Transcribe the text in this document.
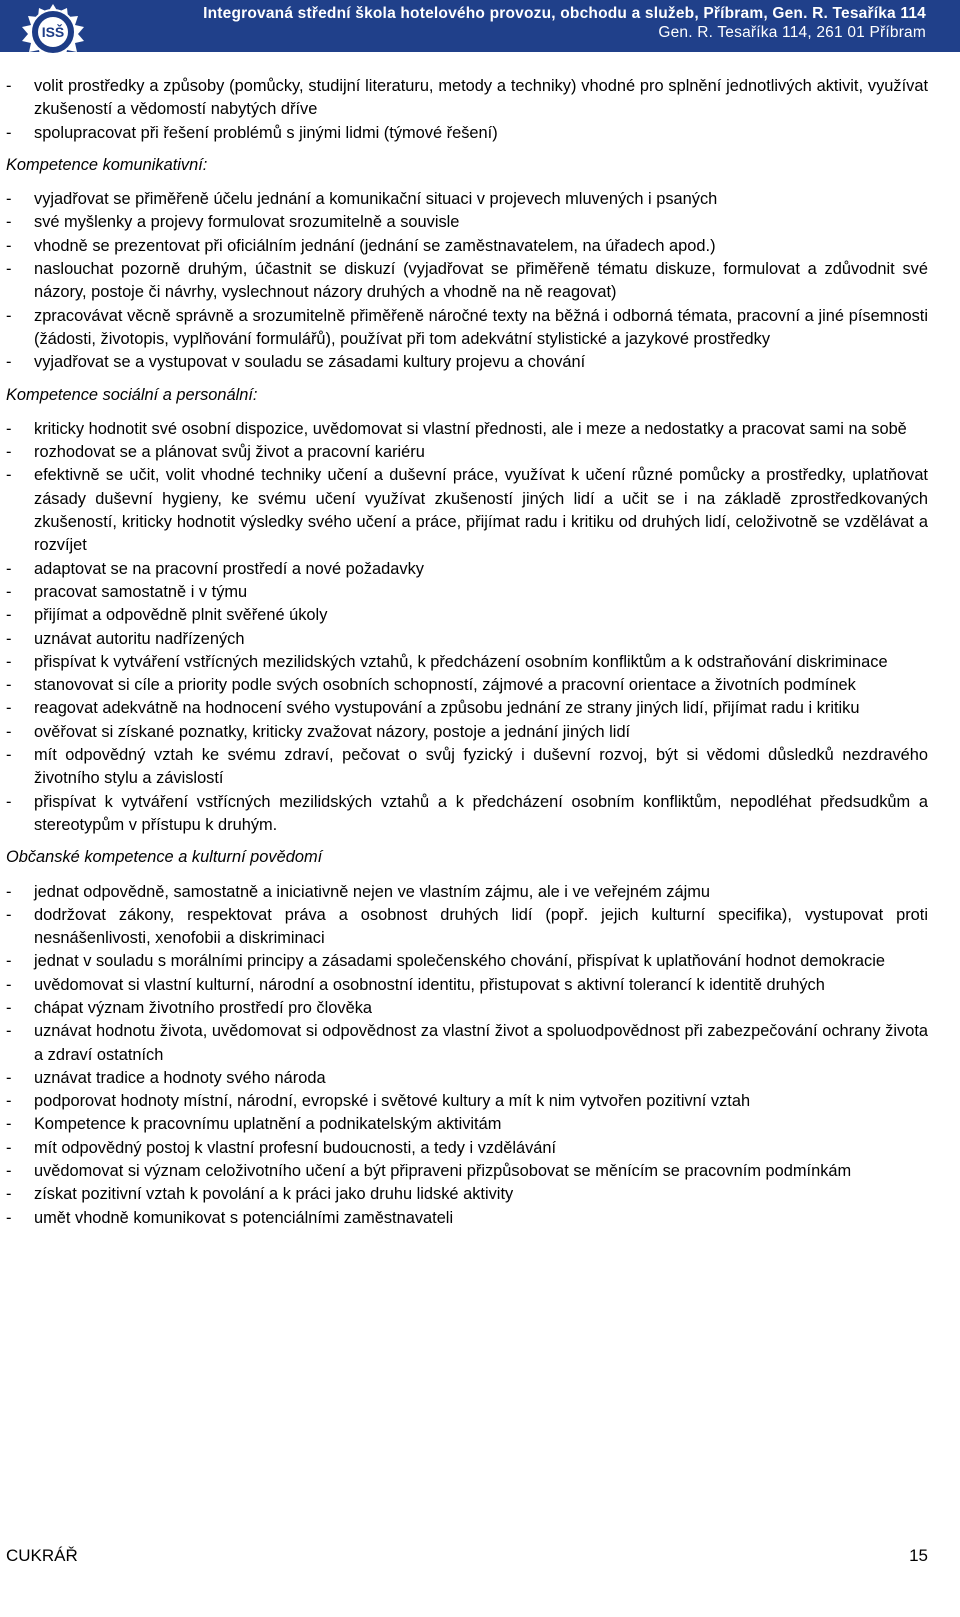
ISŠ
Integrovaná střední škola hotelového provozu, obchodu a služeb, Příbram, Gen. R. Tesaříka 114
Gen. R. Tesaříka 114, 261 01 Příbram
- volit prostředky a způsoby (pomůcky, studijní literaturu, metody a techniky) vhodné pro splnění jednotlivých aktivit, využívat zkušeností a vědomostí nabytých dříve
- spolupracovat při řešení problémů s jinými lidmi (týmové řešení)

Kompetence komunikativní:

- vyjadřovat se přiměřeně účelu jednání a komunikační situaci v projevech mluvených i psaných
- své myšlenky a projevy formulovat srozumitelně a souvisle
- vhodně se prezentovat při oficiálním jednání (jednání se zaměstnavatelem, na úřadech apod.)
- naslouchat pozorně druhým, účastnit se diskuzí (vyjadřovat se přiměřeně tématu diskuze, formulovat a zdůvodnit své názory, postoje či návrhy, vyslechnout názory druhých a vhodně na ně reagovat)
- zpracovávat věcně správně a srozumitelně přiměřeně náročné texty na běžná i odborná témata, pracovní a jiné písemnosti (žádosti, životopis, vyplňování formulářů), používat při tom adekvátní stylistické a jazykové prostředky
- vyjadřovat se a vystupovat v souladu se zásadami kultury projevu a chování

Kompetence sociální a personální:

- kriticky hodnotit své osobní dispozice, uvědomovat si vlastní přednosti, ale i meze a nedostatky a pracovat sami na sobě
- rozhodovat se a plánovat svůj život a pracovní kariéru
- efektivně se učit, volit vhodné techniky učení a duševní práce, využívat k učení různé pomůcky a prostředky, uplatňovat zásady duševní hygieny, ke svému učení využívat zkušeností jiných lidí a učit se i na základě zprostředkovaných zkušeností, kriticky hodnotit výsledky svého učení a práce, přijímat radu i kritiku od druhých lidí, celoživotně se vzdělávat a rozvíjet
- adaptovat se na pracovní prostředí a nové požadavky
- pracovat samostatně i v týmu
- přijímat a odpovědně plnit svěřené úkoly
- uznávat autoritu nadřízených
- přispívat k vytváření vstřícných mezilidských vztahů, k předcházení osobním konfliktům a k odstraňování diskriminace
- stanovovat si cíle a priority podle svých osobních schopností, zájmové a pracovní orientace a životních podmínek
- reagovat adekvátně na hodnocení svého vystupování a způsobu jednání ze strany jiných lidí, přijímat radu i kritiku
- ověřovat si získané poznatky, kriticky zvažovat názory, postoje a jednání jiných lidí
- mít odpovědný vztah ke svému zdraví, pečovat o svůj fyzický i duševní rozvoj, být si vědomi důsledků nezdravého životního stylu a závislostí
- přispívat k vytváření vstřícných mezilidských vztahů a k předcházení osobním konfliktům, nepodléhat předsudkům a stereotypům v přístupu k druhým.

Občanské kompetence a kulturní povědomí

- jednat odpovědně, samostatně a iniciativně nejen ve vlastním zájmu, ale i ve veřejném zájmu
- dodržovat zákony, respektovat práva a osobnost druhých lidí (popř. jejich kulturní specifika), vystupovat proti nesnášenlivosti, xenofobii a diskriminaci
- jednat v souladu s morálními principy a zásadami společenského chování, přispívat k uplatňování hodnot demokracie
- uvědomovat si vlastní kulturní, národní a osobnostní identitu, přistupovat s aktivní tolerancí k identitě druhých
- chápat význam životního prostředí pro člověka
- uznávat hodnotu života, uvědomovat si odpovědnost za vlastní život a spoluodpovědnost při zabezpečování ochrany života a zdraví ostatních
- uznávat tradice a hodnoty svého národa
- podporovat hodnoty místní, národní, evropské i světové kultury a mít k nim vytvořen pozitivní vztah
- Kompetence k pracovnímu uplatnění a podnikatelským aktivitám
- mít odpovědný postoj k vlastní profesní budoucnosti, a tedy i vzdělávání
- uvědomovat si význam celoživotního učení a být připraveni přizpůsobovat se měnícím se pracovním podmínkám
- získat pozitivní vztah k povolání a k práci jako druhu lidské aktivity
- umět vhodně komunikovat s potenciálními zaměstnavateli
CUKRÁŘ	15
